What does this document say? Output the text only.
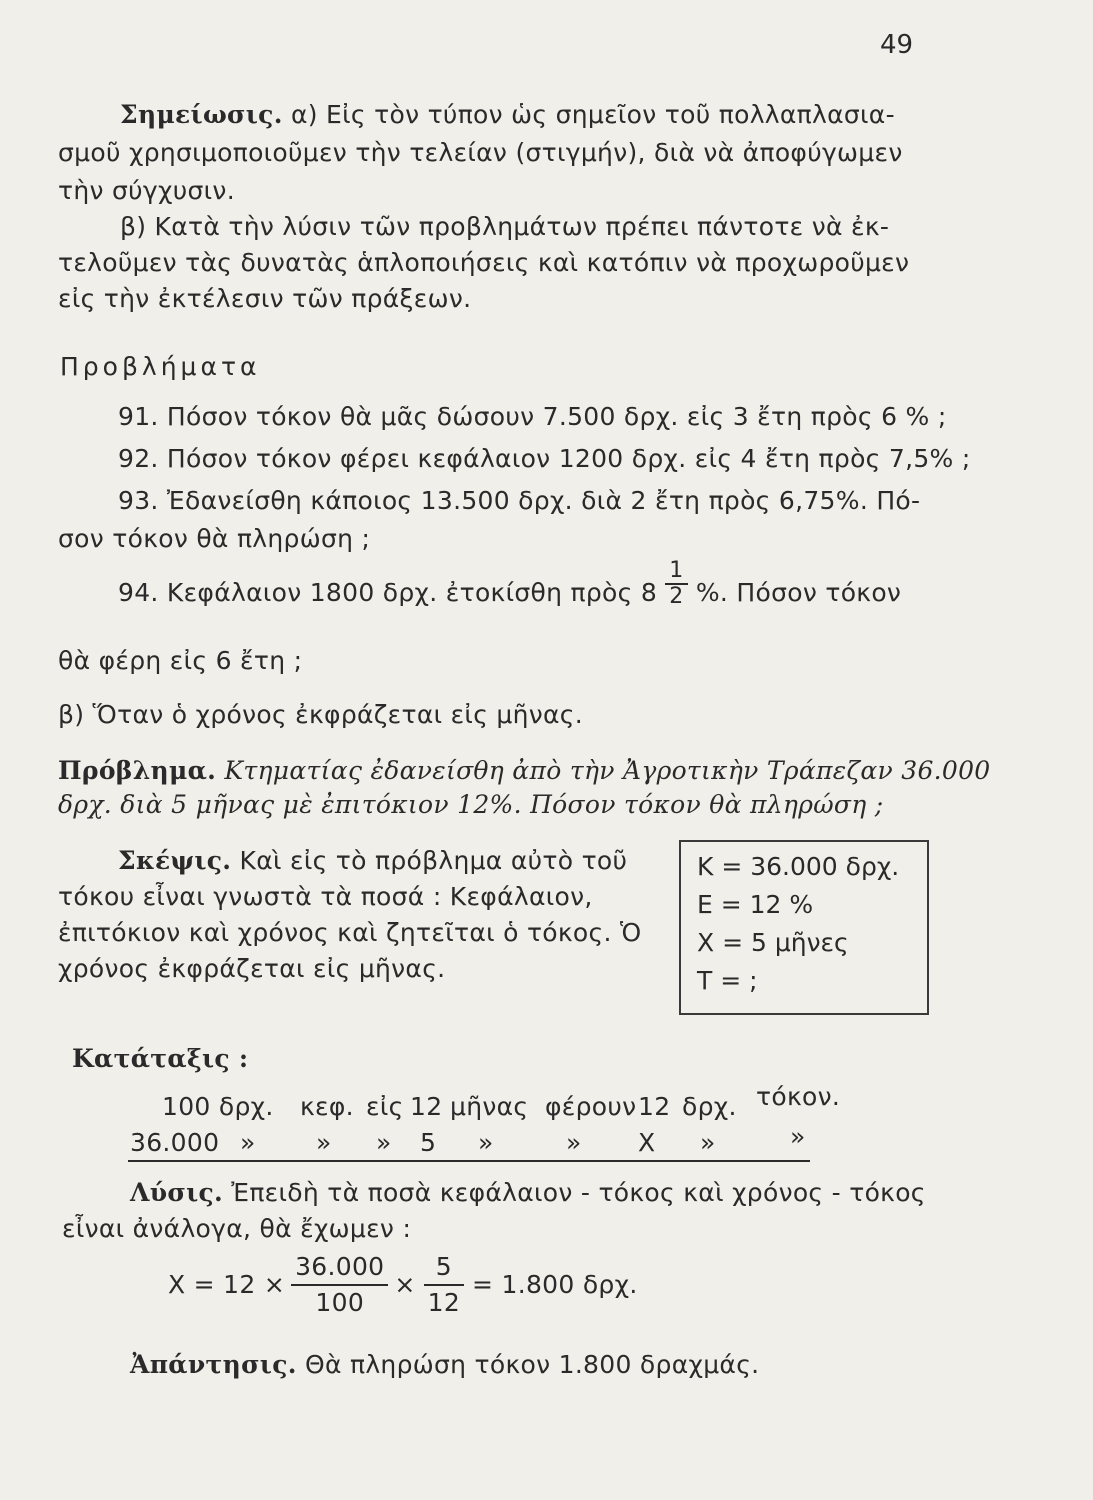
49
Σημείωσις. α) Εἰς τὸν τύπον ὡς σημεῖον τοῦ πολλαπλασια-
σμοῦ χρησιμοποιοῦμεν τὴν τελείαν (στιγμήν), διὰ νὰ ἀποφύγωμεν
τὴν σύγχυσιν.
β) Κατὰ τὴν λύσιν τῶν προβλημάτων πρέπει πάντοτε νὰ ἐκ-
τελοῦμεν τὰς δυνατὰς ἁπλοποιήσεις καὶ κατόπιν νὰ προχωροῦμεν
εἰς τὴν ἐκτέλεσιν τῶν πράξεων.
Προβλήματα
91. Πόσον τόκον θὰ μᾶς δώσουν 7.500 δρχ. εἰς 3 ἔτη πρὸς 6 % ;
92. Πόσον τόκον φέρει κεφάλαιον 1200 δρχ. εἰς 4 ἔτη πρὸς 7,5% ;
93. Ἐδανείσθη κάποιος 13.500 δρχ. διὰ 2 ἔτη πρὸς 6,75%. Πό-
σον τόκον θὰ πληρώση ;
94. Κεφάλαιον 1800 δρχ. ἐτοκίσθη πρὸς $8 \frac{1}{2}$ %. Πόσον τόκον
θὰ φέρη εἰς 6 ἔτη ;
β) Ὅταν ὁ χρόνος ἐκφράζεται εἰς μῆνας.
Πρόβλημα. Κτηματίας ἐδανείσθη ἀπὸ τὴν Ἀγροτικὴν Τράπεζαν 36.000
δρχ. διὰ 5 μῆνας μὲ ἐπιτόκιον 12%. Πόσον τόκον θὰ πληρώση ;
Σκέψις. Καὶ εἰς τὸ πρόβλημα αὐτὸ τοῦ
τόκου εἶναι γνωστὰ τὰ ποσά : Κεφάλαιον,
ἐπιτόκιον καὶ χρόνος καὶ ζητεῖται ὁ τόκος. Ὁ
χρόνος ἐκφράζεται εἰς μῆνας.
Κ = 36.000 δρχ.
Ε = 12 %
Χ = 5 μῆνες
Τ = ;
Κατάταξις :
100 δρχ. κεφ. εἰς 12 μῆνας φέρουν 12 δρχ. τόκον.
36.000 » » » 5 »	» Χ »	»
Λύσις. Ἐπειδὴ τὰ ποσὰ κεφάλαιον - τόκος καὶ χρόνος - τόκος
εἶναι ἀνάλογα, θὰ ἔχωμεν :
$X = 12 \times \frac{36.000}{100} \times \frac{5}{12} = 1.800$ δρχ.
Ἀπάντησις. Θὰ πληρώση τόκον 1.800 δραχμάς.
